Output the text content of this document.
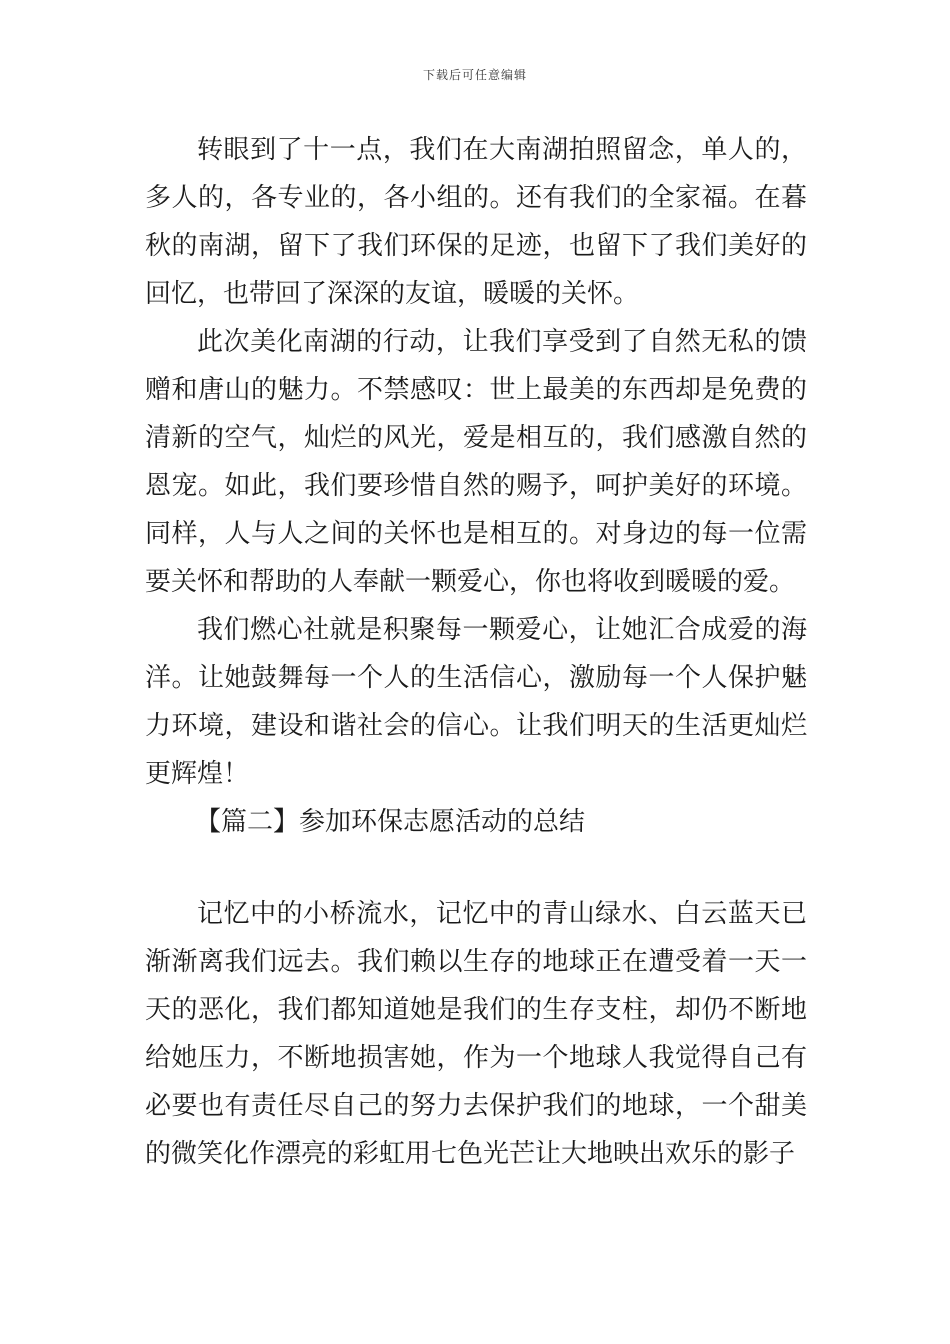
下载后可任意编辑

转眼到了十一点，我们在大南湖拍照留念，单人的，多人的，各专业的，各小组的。还有我们的全家福。在暮秋的南湖，留下了我们环保的足迹，也留下了我们美好的回忆，也带回了深深的友谊，暖暖的关怀。

此次美化南湖的行动，让我们享受到了自然无私的馈赠和唐山的魅力。不禁感叹：世上最美的东西却是免费的清新的空气，灿烂的风光，爱是相互的，我们感激自然的恩宠。如此，我们要珍惜自然的赐予，呵护美好的环境。同样，人与人之间的关怀也是相互的。对身边的每一位需要关怀和帮助的人奉献一颗爱心，你也将收到暖暖的爱。

我们燃心社就是积聚每一颗爱心，让她汇合成爱的海洋。让她鼓舞每一个人的生活信心，激励每一个人保护魅力环境，建设和谐社会的信心。让我们明天的生活更灿烂更辉煌！

【篇二】参加环保志愿活动的总结

记忆中的小桥流水，记忆中的青山绿水、白云蓝天已渐渐离我们远去。我们赖以生存的地球正在遭受着一天一天的恶化，我们都知道她是我们的生存支柱，却仍不断地给她压力，不断地损害她，作为一个地球人我觉得自己有必要也有责任尽自己的努力去保护我们的地球，一个甜美的微笑化作漂亮的彩虹用七色光芒让大地映出欢乐的影子
